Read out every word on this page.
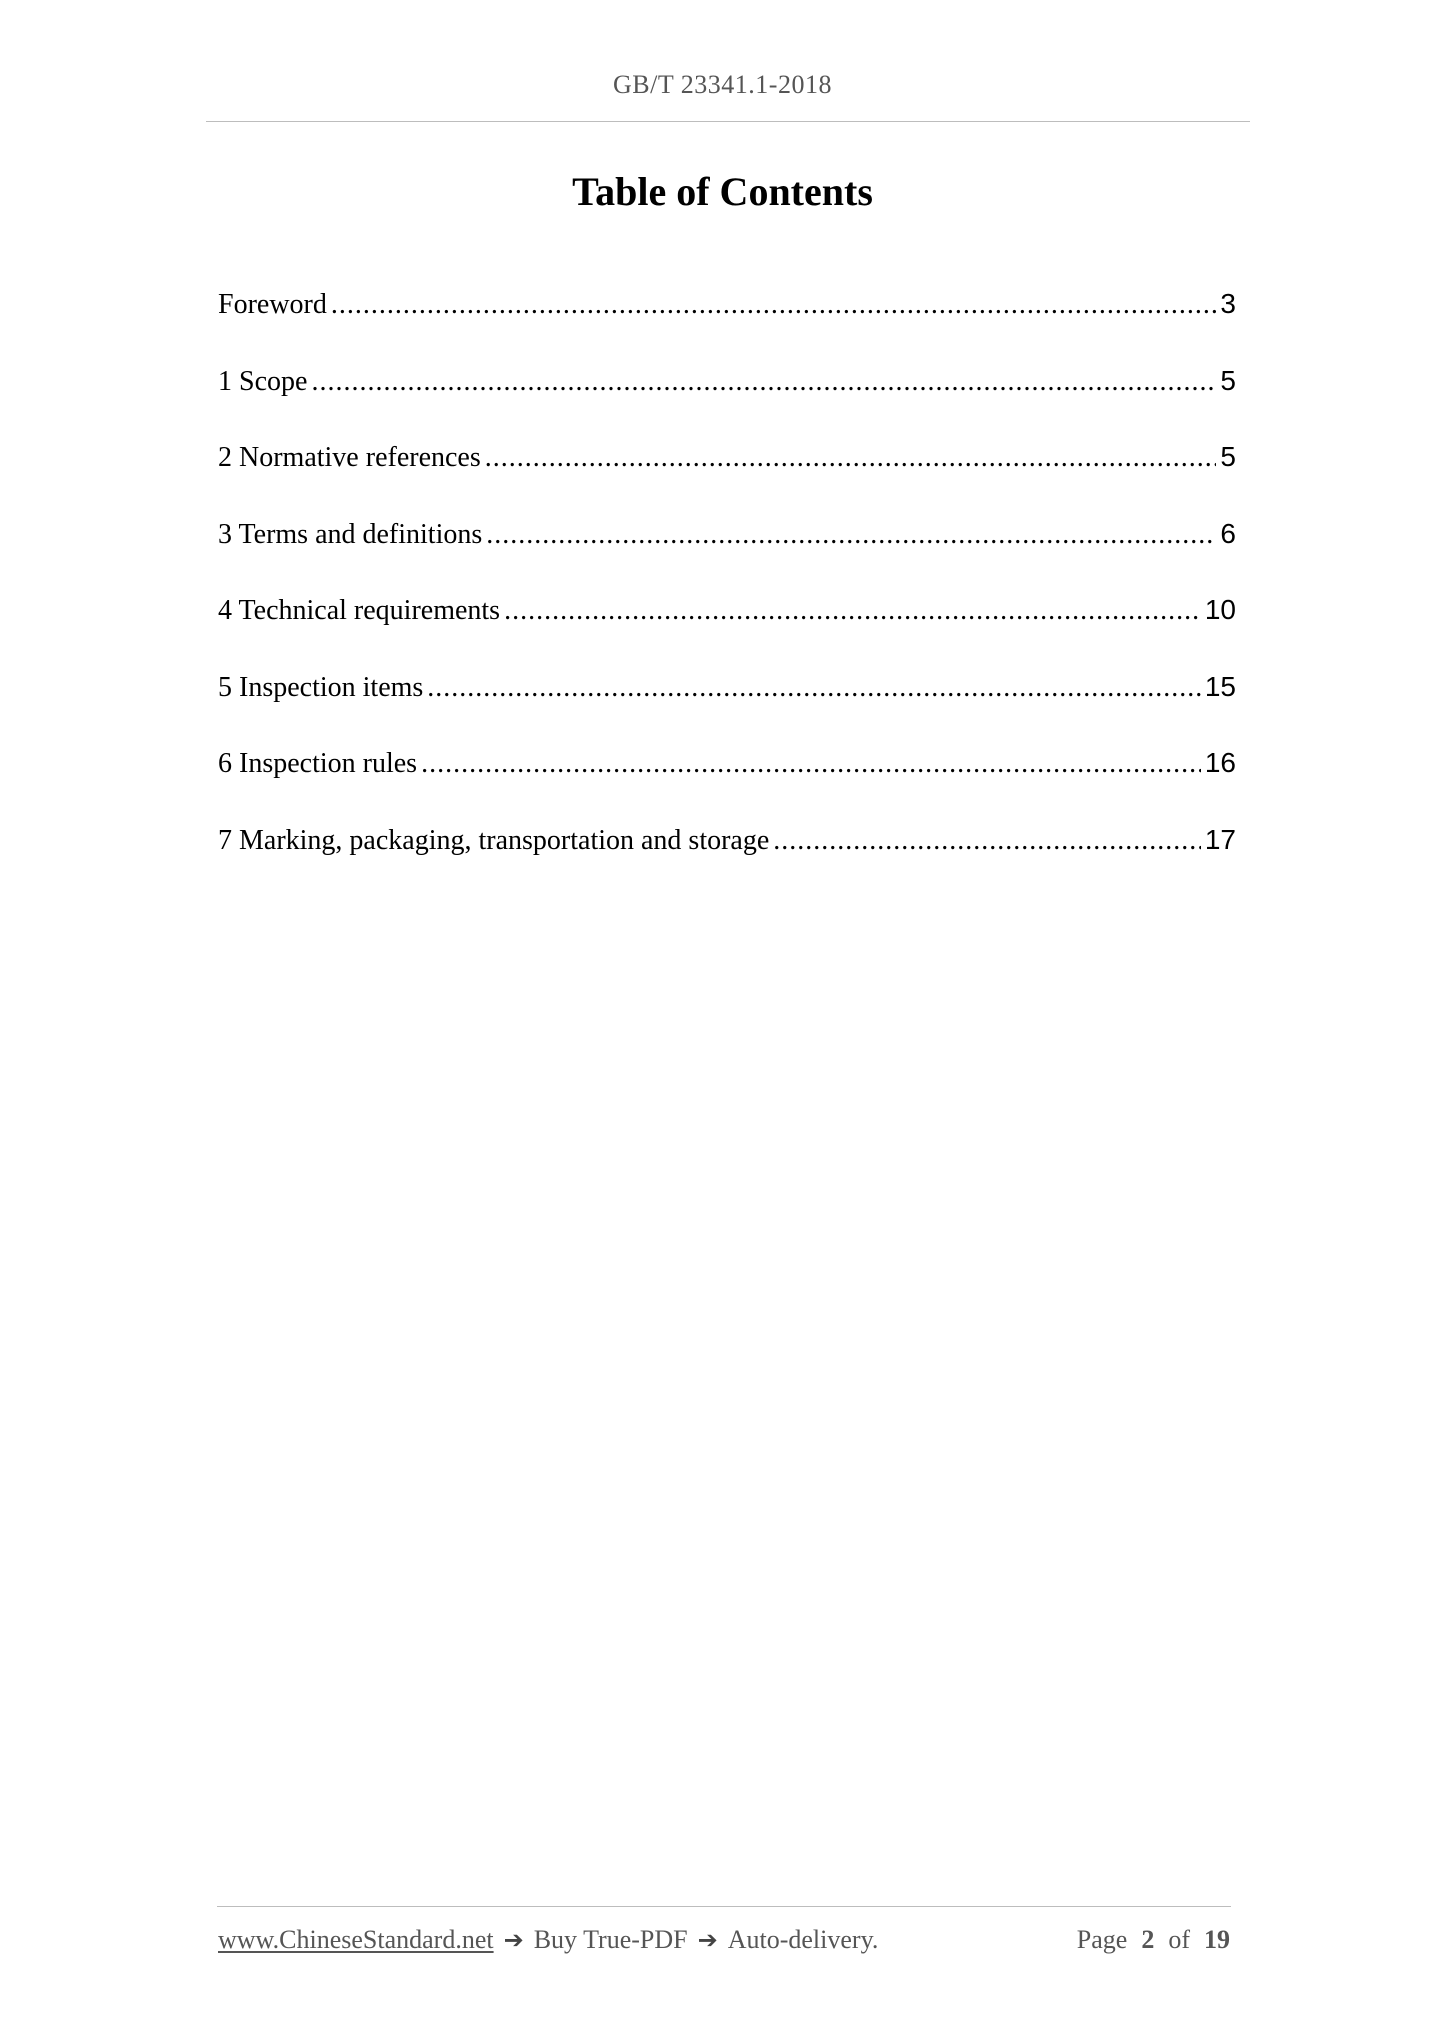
GB/T 23341.1-2018
Table of Contents
Foreword .....	3
1 Scope .....	5
2 Normative references .....	5
3 Terms and definitions .....	6
4 Technical requirements .....	10
5 Inspection items .....	15
6 Inspection rules .....	16
7 Marking, packaging, transportation and storage .....	17
www.ChineseStandard.net ➔ Buy True-PDF ➔ Auto-delivery.	Page 2 of 19
